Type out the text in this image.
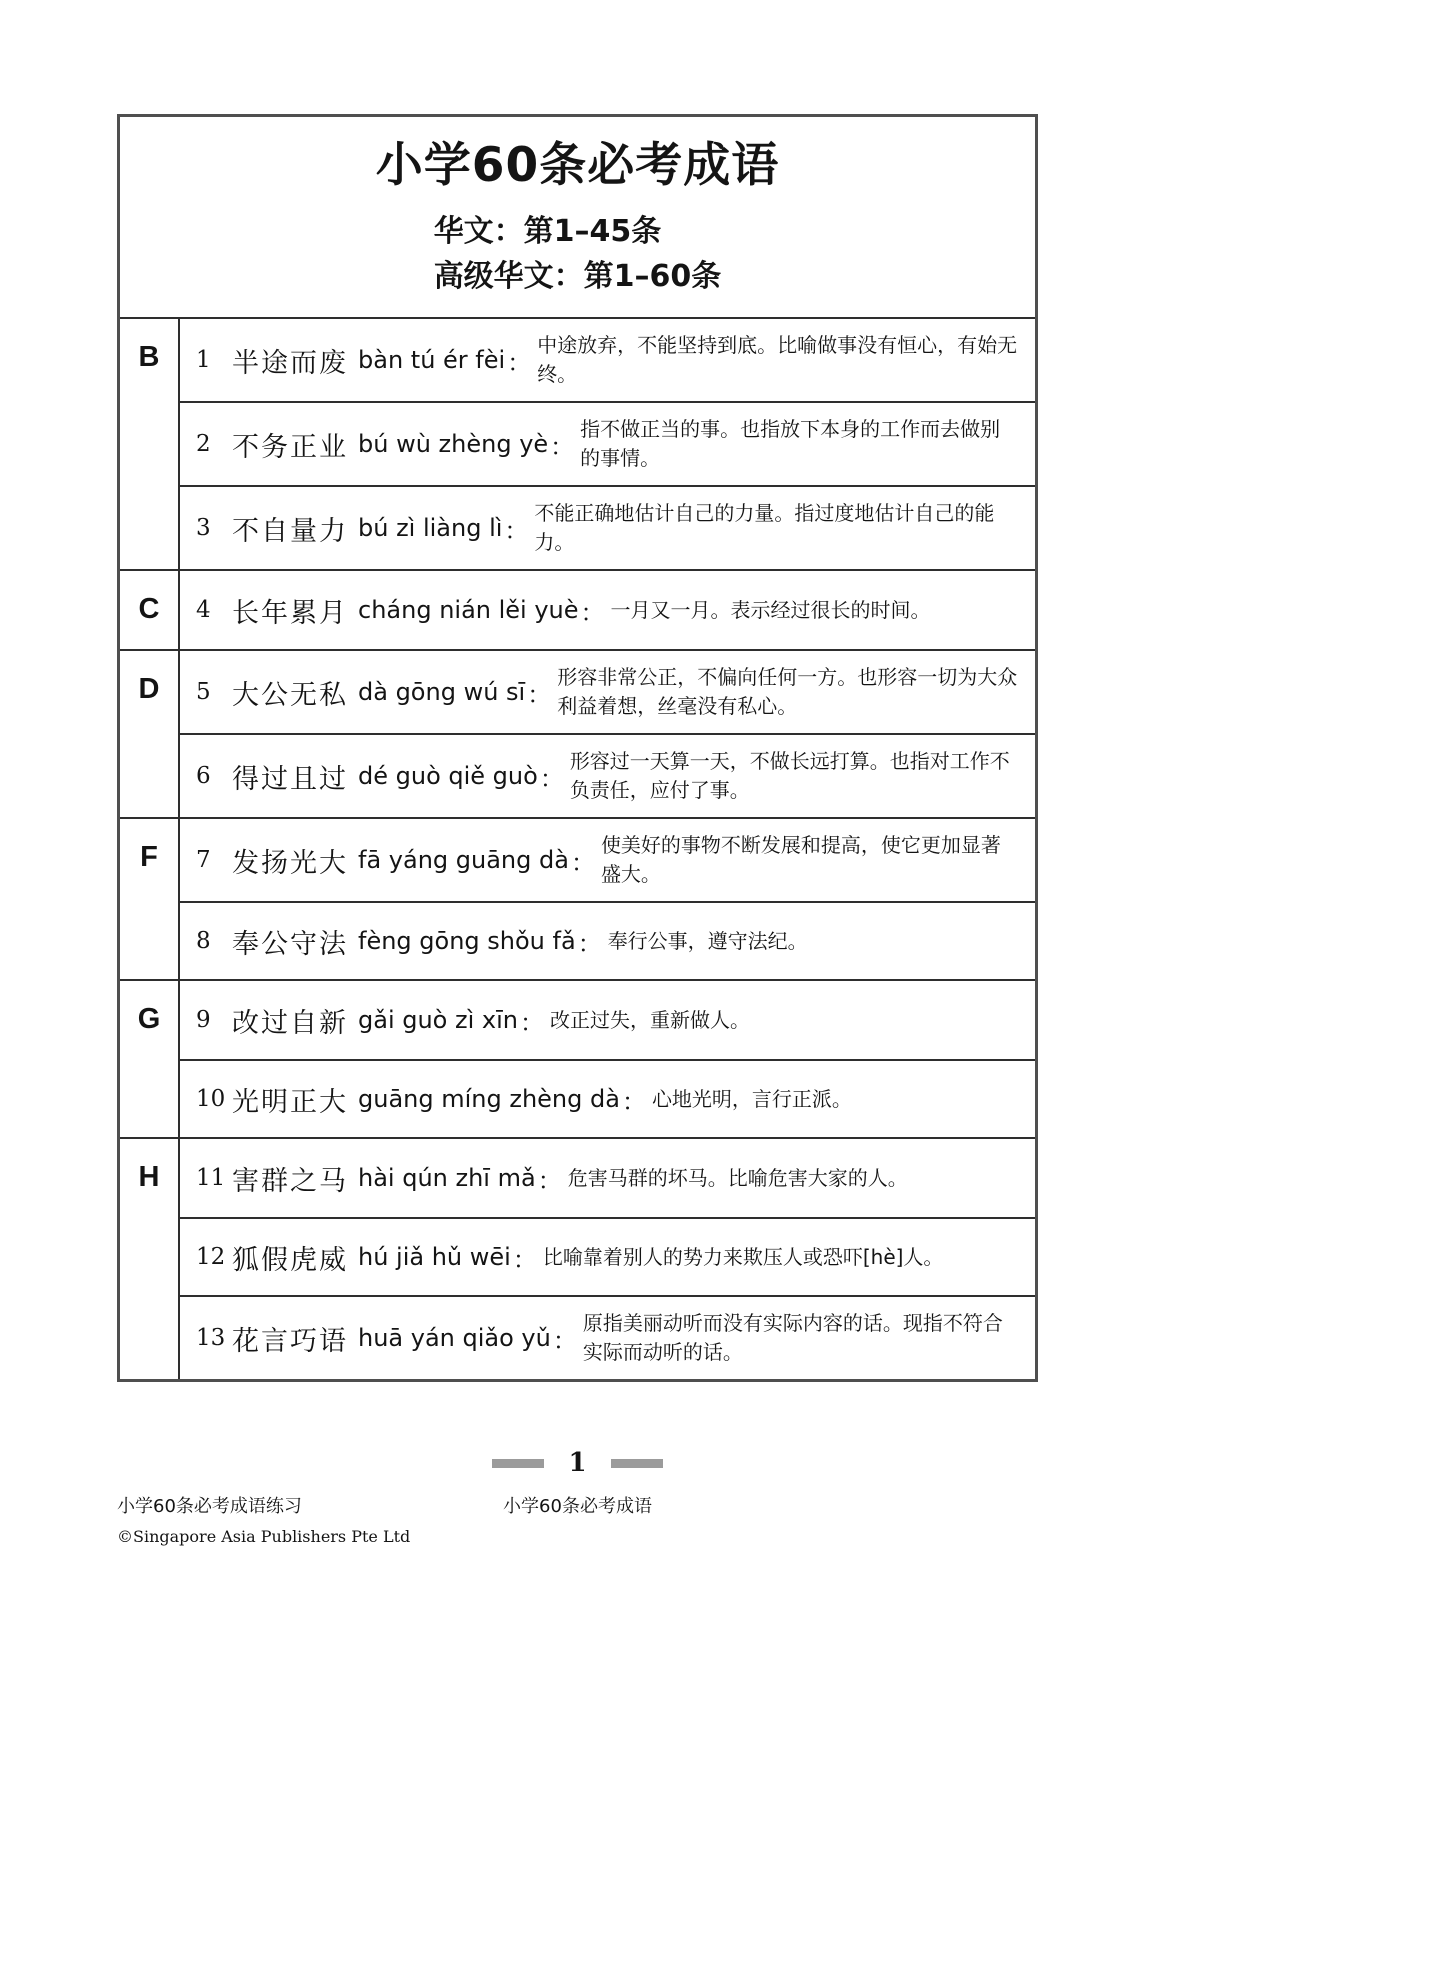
小学60条必考成语
华文：第1–45条
高级华文：第1–60条
B	1 半途而废 bàn tú ér fèi ：
中途放弃，不能坚持到底。比喻做事没有恒心，有始无终。
2 不务正业 bú wù zhèng yè ：
指不做正当的事。也指放下本身的工作而去做别的事情。
3 不自量力 bú zì liàng lì ：
不能正确地估计自己的力量。指过度地估计自己的能力。
C	4 长年累月 cháng nián lěi yuè ： 一月又一月。表示经过很长的时间。
D	5 大公无私 dà gōng wú sī ：
形容非常公正，不偏向任何一方。也形容一切为大众利益着想，丝毫没有私心。
6 得过且过 dé guò qiě guò ：
形容过一天算一天，不做长远打算。也指对工作不负责任，应付了事。
F	7 发扬光大 fā yáng guāng dà ：
使美好的事物不断发展和提高，使它更加显著盛大。
8 奉公守法 fèng gōng shǒu fǎ ： 奉行公事，遵守法纪。
G	9 改过自新 gǎi guò zì xīn ： 改正过失，重新做人。
10 光明正大 guāng míng zhèng dà ： 心地光明，言行正派。
H	11 害群之马 hài qún zhī mǎ ： 危害马群的坏马。比喻危害大家的人。
12 狐假虎威 hú jiǎ hǔ wēi ： 比喻靠着别人的势力来欺压人或恐吓[hè]人。
13 花言巧语 huā yán qiǎo yǔ ：
原指美丽动听而没有实际内容的话。现指不符合实际而动听的话。
1
小学60条必考成语
小学60条必考成语练习
©Singapore Asia Publishers Pte Ltd
